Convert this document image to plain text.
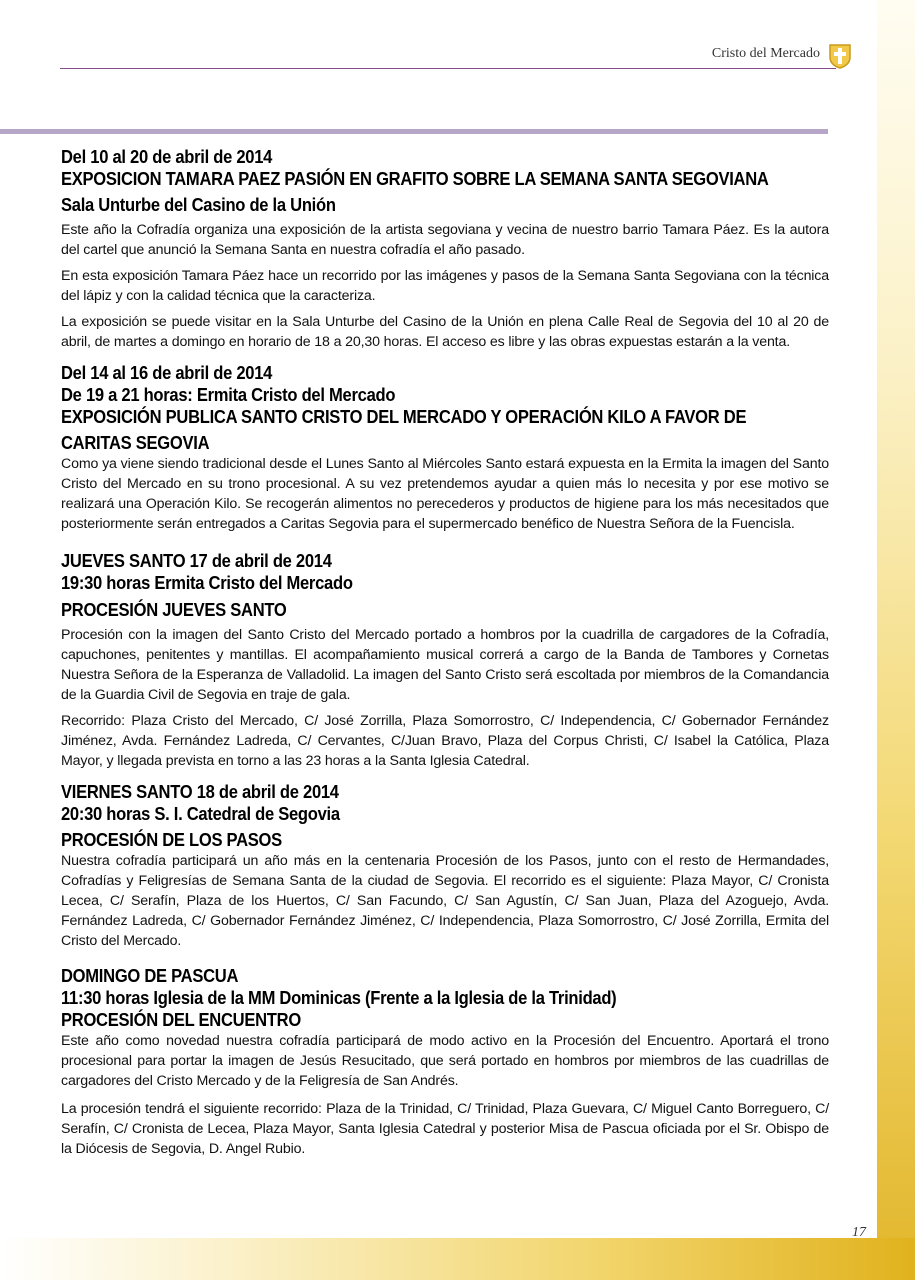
Cristo del Mercado
Del 10 al 20 de abril de 2014
EXPOSICION TAMARA PAEZ PASIÓN EN GRAFITO SOBRE LA SEMANA SANTA SEGOVIANA
Sala Unturbe del Casino de la Unión
Este año la Cofradía organiza una exposición de la artista segoviana y vecina de nuestro barrio Tamara Páez. Es la autora del cartel que anunció la Semana Santa en nuestra cofradía el año pasado.
En esta exposición Tamara Páez hace un recorrido por las imágenes y pasos de la Semana Santa Segoviana con la técnica del lápiz y con la calidad técnica que la caracteriza.
La exposición se puede visitar en la Sala Unturbe del Casino de la Unión en plena Calle Real de Segovia del 10 al 20 de abril, de martes a domingo en horario de 18 a 20,30 horas. El acceso es libre y las obras expuestas estarán a la venta.
Del 14 al 16 de abril de 2014
De 19 a 21 horas: Ermita Cristo del Mercado
EXPOSICIÓN PUBLICA SANTO CRISTO DEL MERCADO Y OPERACIÓN KILO A FAVOR DE
CARITAS SEGOVIA
Como ya viene siendo tradicional desde el Lunes Santo al Miércoles Santo estará expuesta en la Ermita la imagen del Santo Cristo del Mercado en su trono procesional. A su vez pretendemos ayudar a quien más lo necesita y por ese motivo se realizará una Operación Kilo. Se recogerán alimentos no perecederos y productos de higiene para los más necesitados que posteriormente serán entregados a Caritas Segovia para el supermercado benéfico de Nuestra Señora de la Fuencisla.
JUEVES SANTO 17 de abril de 2014
19:30 horas Ermita Cristo del Mercado
PROCESIÓN JUEVES SANTO
Procesión con la imagen del Santo Cristo del Mercado portado a hombros por la cuadrilla de cargadores de la Cofradía, capuchones, penitentes y mantillas. El acompañamiento musical correrá a cargo de la Banda de Tambores y Cornetas Nuestra Señora de la Esperanza de Valladolid. La imagen del Santo Cristo será escoltada por miembros de la Comandancia de la Guardia Civil de Segovia en traje de gala.
Recorrido: Plaza Cristo del Mercado, C/ José Zorrilla, Plaza Somorrostro, C/ Independencia, C/ Gobernador Fernández Jiménez, Avda. Fernández Ladreda, C/ Cervantes, C/Juan Bravo, Plaza del Corpus Christi, C/ Isabel la Católica, Plaza Mayor, y llegada prevista en torno a las 23 horas a la Santa Iglesia Catedral.
VIERNES SANTO 18 de abril de 2014
20:30 horas S. I. Catedral de Segovia
PROCESIÓN DE LOS PASOS
Nuestra cofradía participará un año más en la centenaria Procesión de los Pasos, junto con el resto de Hermandades, Cofradías y Feligresías de Semana Santa de la ciudad de Segovia. El recorrido es el siguiente: Plaza Mayor, C/ Cronista Lecea, C/ Serafín, Plaza de los Huertos, C/ San Facundo, C/ San Agustín, C/ San Juan, Plaza del Azoguejo, Avda. Fernández Ladreda, C/ Gobernador Fernández Jiménez, C/ Independencia, Plaza Somorrostro, C/ José Zorrilla, Ermita del Cristo del Mercado.
DOMINGO DE PASCUA
11:30 horas Iglesia de la MM Dominicas (Frente a la Iglesia de la Trinidad)
PROCESIÓN DEL ENCUENTRO
Este año como novedad nuestra cofradía participará de modo activo en la Procesión del Encuentro. Aportará el trono procesional para portar la imagen de Jesús Resucitado, que será portado en hombros por miembros de las cuadrillas de cargadores del Cristo Mercado y de la Feligresía de San Andrés.
La procesión tendrá el siguiente recorrido: Plaza de la Trinidad, C/ Trinidad, Plaza Guevara, C/ Miguel Canto Borreguero, C/ Serafín, C/ Cronista de Lecea, Plaza Mayor, Santa Iglesia Catedral y posterior Misa de Pascua oficiada por el Sr. Obispo de la Diócesis de Segovia, D. Angel Rubio.
17
